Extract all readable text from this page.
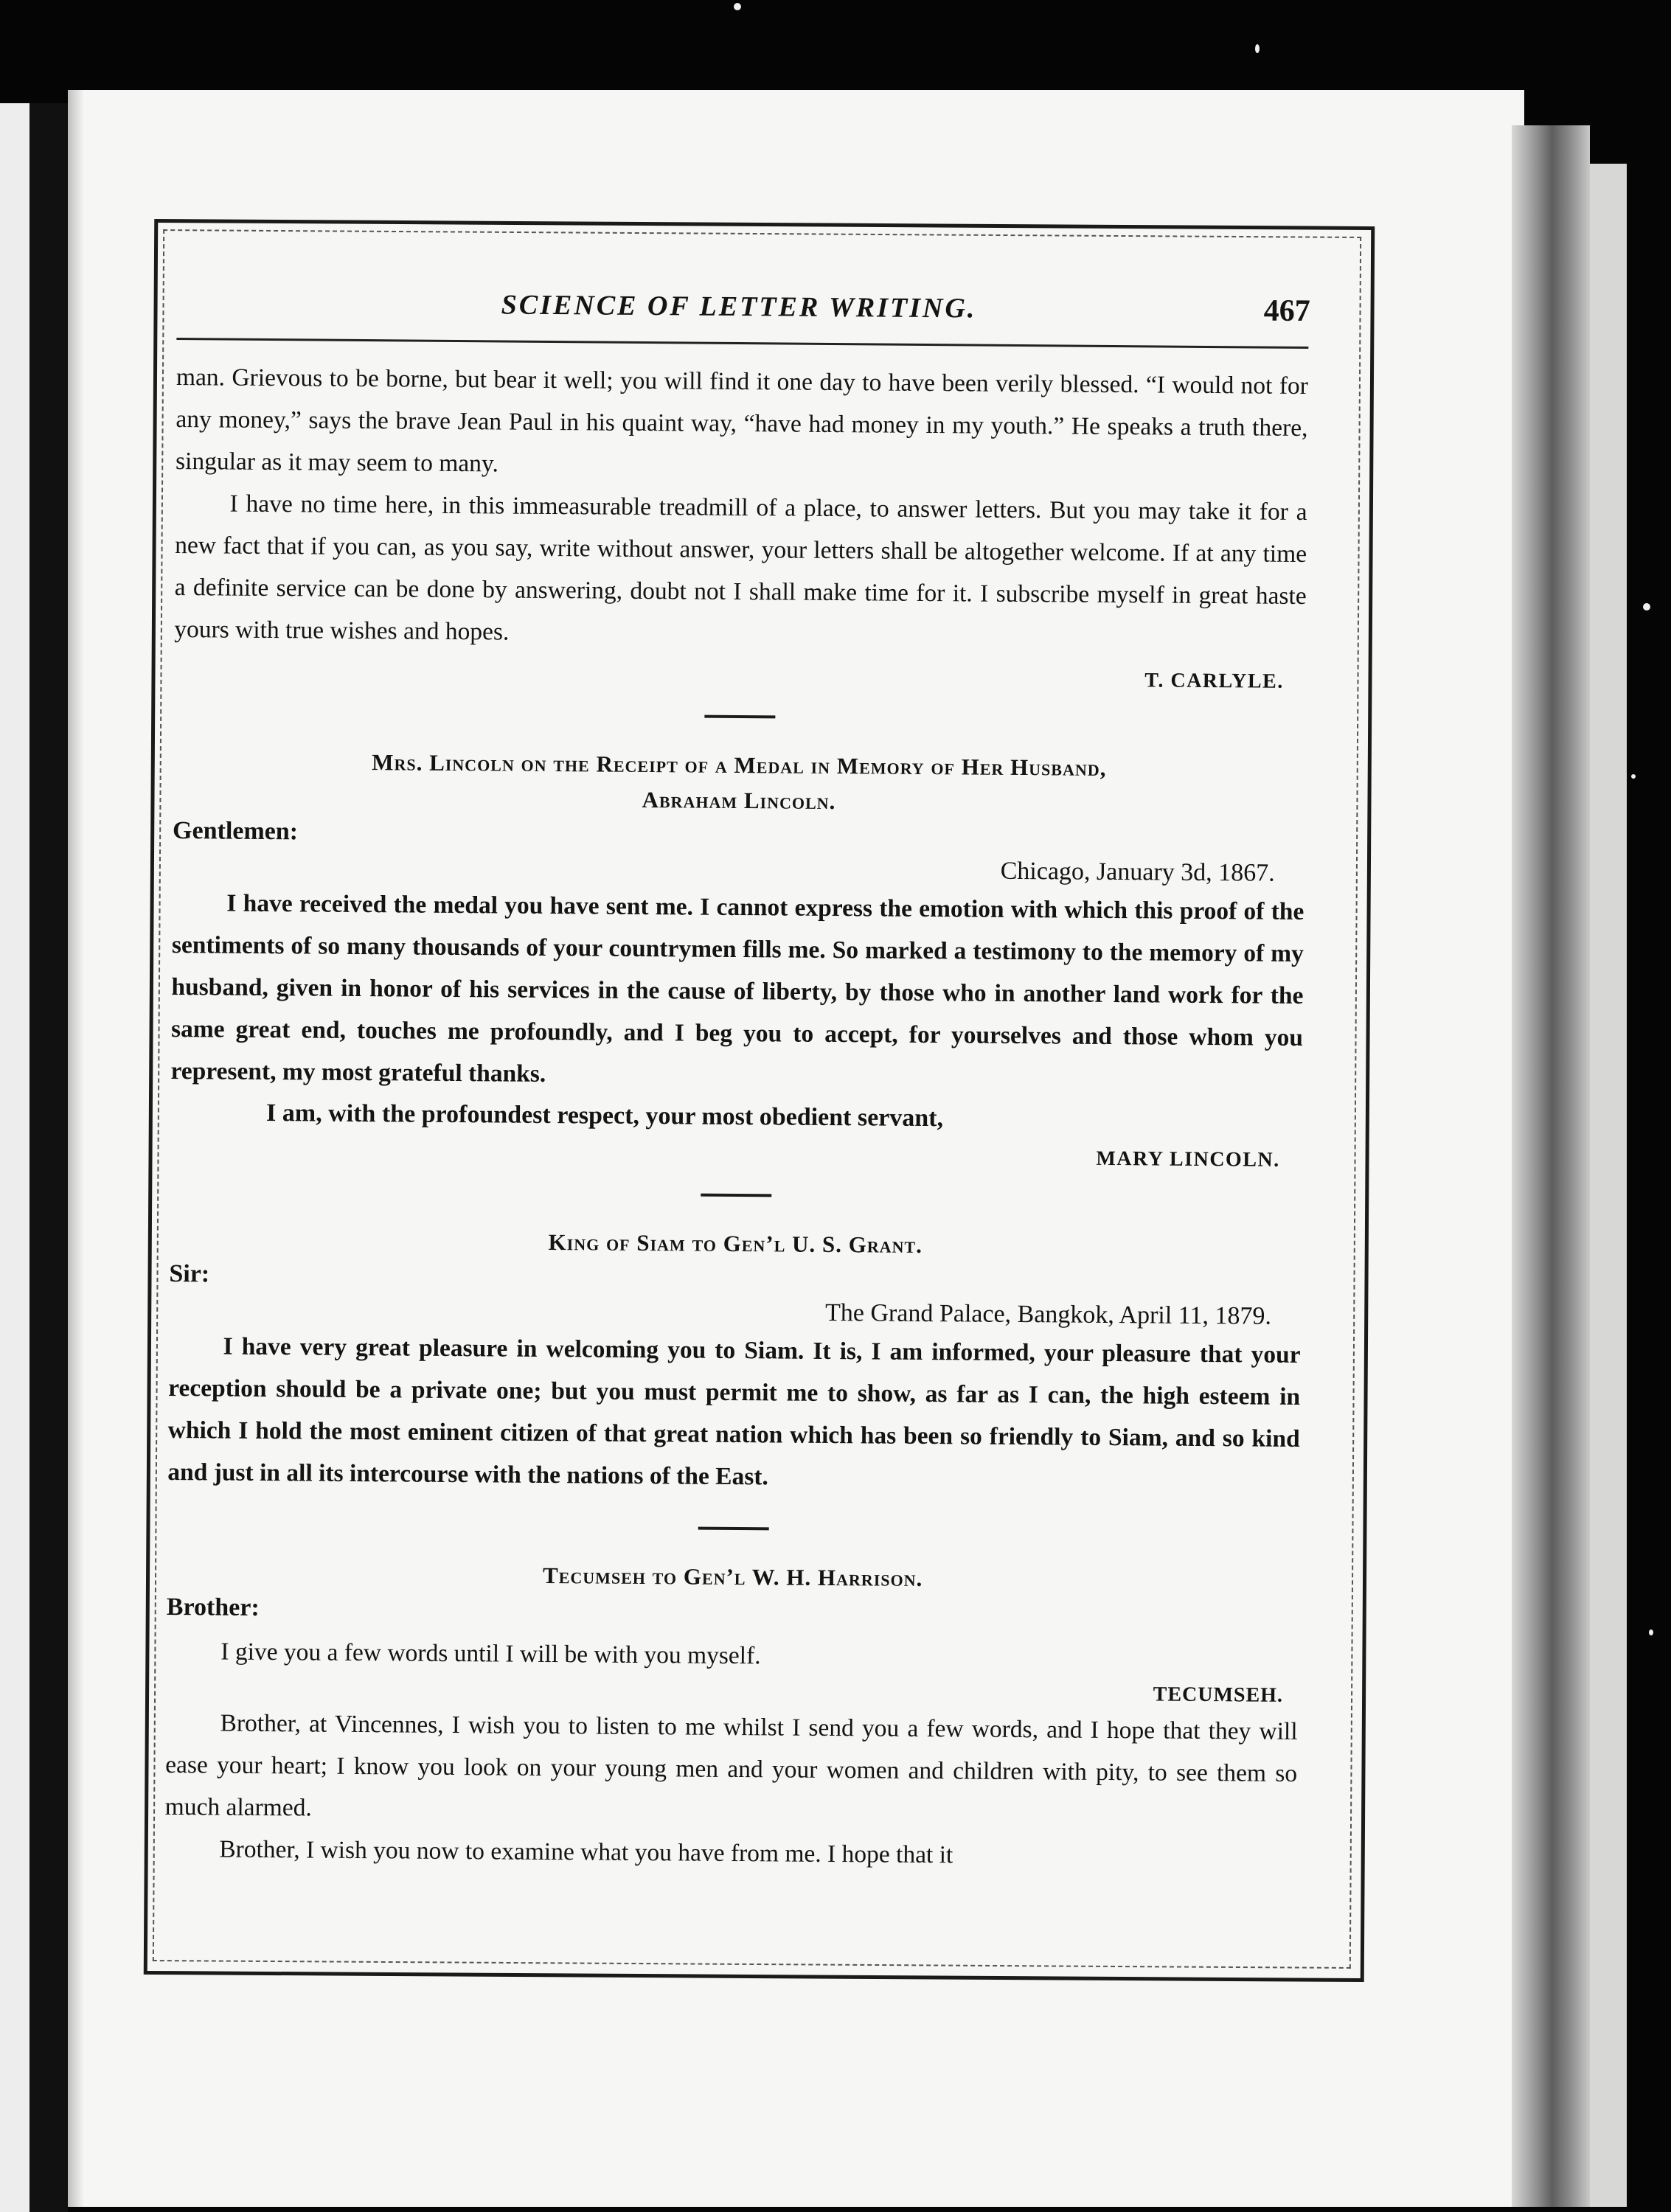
SCIENCE OF LETTER WRITING.	467

man. Grievous to be borne, but bear it well; you will find it one day to have been verily blessed. “I would not for any money,” says the brave Jean Paul in his quaint way, “have had money in my youth.” He speaks a truth there, singular as it may seem to many.

I have no time here, in this immeasurable treadmill of a place, to answer letters. But you may take it for a new fact that if you can, as you say, write without answer, your letters shall be altogether welcome. If at any time a definite service can be done by answering, doubt not I shall make time for it. I subscribe myself in great haste yours with true wishes and hopes.

T. CARLYLE.
Mrs. Lincoln on the Receipt of a Medal in Memory of Her Husband,
Abraham Lincoln.
Gentlemen:
Chicago, January 3d, 1867.

I have received the medal you have sent me. I cannot express the emotion with which this proof of the sentiments of so many thousands of your countrymen fills me. So marked a testimony to the memory of my husband, given in honor of his services in the cause of liberty, by those who in another land work for the same great end, touches me profoundly, and I beg you to accept, for yourselves and those whom you represent, my most grateful thanks.

I am, with the profoundest respect, your most obedient servant,
MARY LINCOLN.
King of Siam to Gen’l U. S. Grant.
Sir:
The Grand Palace, Bangkok, April 11, 1879.

I have very great pleasure in welcoming you to Siam. It is, I am informed, your pleasure that your reception should be a private one; but you must permit me to show, as far as I can, the high esteem in which I hold the most eminent citizen of that great nation which has been so friendly to Siam, and so kind and just in all its intercourse with the nations of the East.

Tecumseh to Gen’l W. H. Harrison.
Brother:

I give you a few words until I will be with you myself.

TECUMSEH.

Brother, at Vincennes, I wish you to listen to me whilst I send you a few words, and I hope that they will ease your heart; I know you look on your young men and your women and children with pity, to see them so much alarmed.

Brother, I wish you now to examine what you have from me. I hope that it
